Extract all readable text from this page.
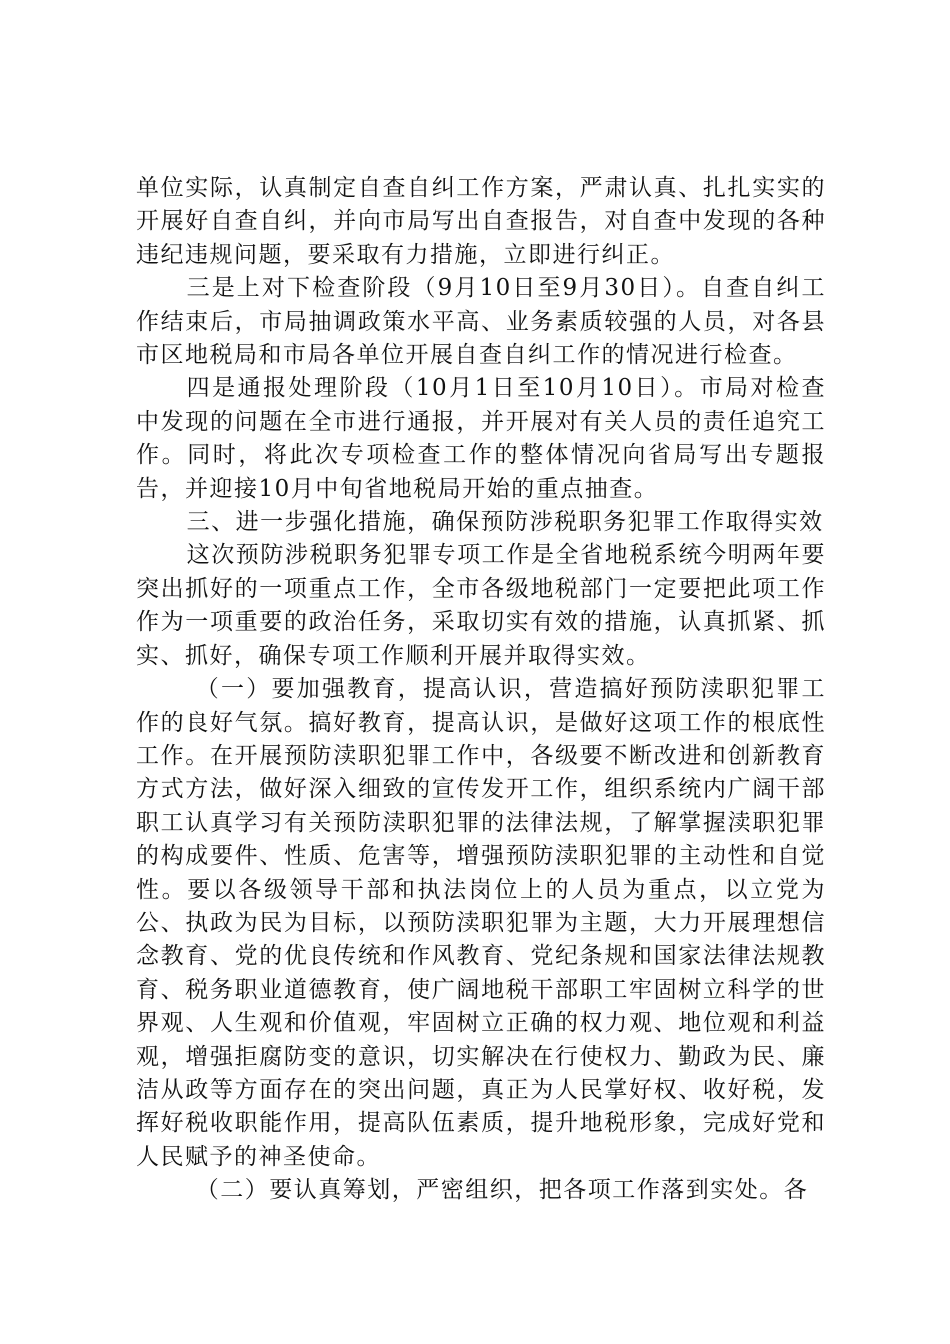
单位实际，认真制定自查自纠工作方案，严肃认真、扎扎实实的开展好自查自纠，并向市局写出自查报告，对自查中发现的各种违纪违规问题，要采取有力措施，立即进行纠正。

三是上对下检查阶段（9月10日至9月30日）。自查自纠工作结束后，市局抽调政策水平高、业务素质较强的人员，对各县市区地税局和市局各单位开展自查自纠工作的情况进行检查。

四是通报处理阶段（10月1日至10月10日）。市局对检查中发现的问题在全市进行通报，并开展对有关人员的责任追究工作。同时，将此次专项检查工作的整体情况向省局写出专题报告，并迎接10月中旬省地税局开始的重点抽查。

三、进一步强化措施，确保预防涉税职务犯罪工作取得实效

这次预防涉税职务犯罪专项工作是全省地税系统今明两年要突出抓好的一项重点工作，全市各级地税部门一定要把此项工作作为一项重要的政治任务，采取切实有效的措施，认真抓紧、抓实、抓好，确保专项工作顺利开展并取得实效。

（一）要加强教育，提高认识，营造搞好预防渎职犯罪工作的良好气氛。搞好教育，提高认识，是做好这项工作的根底性工作。在开展预防渎职犯罪工作中，各级要不断改进和创新教育方式方法，做好深入细致的宣传发开工作，组织系统内广阔干部职工认真学习有关预防渎职犯罪的法律法规，了解掌握渎职犯罪的构成要件、性质、危害等，增强预防渎职犯罪的主动性和自觉性。要以各级领导干部和执法岗位上的人员为重点，以立党为公、执政为民为目标，以预防渎职犯罪为主题，大力开展理想信念教育、党的优良传统和作风教育、党纪条规和国家法律法规教育、税务职业道德教育，使广阔地税干部职工牢固树立科学的世界观、人生观和价值观，牢固树立正确的权力观、地位观和利益观，增强拒腐防变的意识，切实解决在行使权力、勤政为民、廉洁从政等方面存在的突出问题，真正为人民掌好权、收好税，发挥好税收职能作用，提高队伍素质，提升地税形象，完成好党和人民赋予的神圣使命。

（二）要认真筹划，严密组织，把各项工作落到实处。各
